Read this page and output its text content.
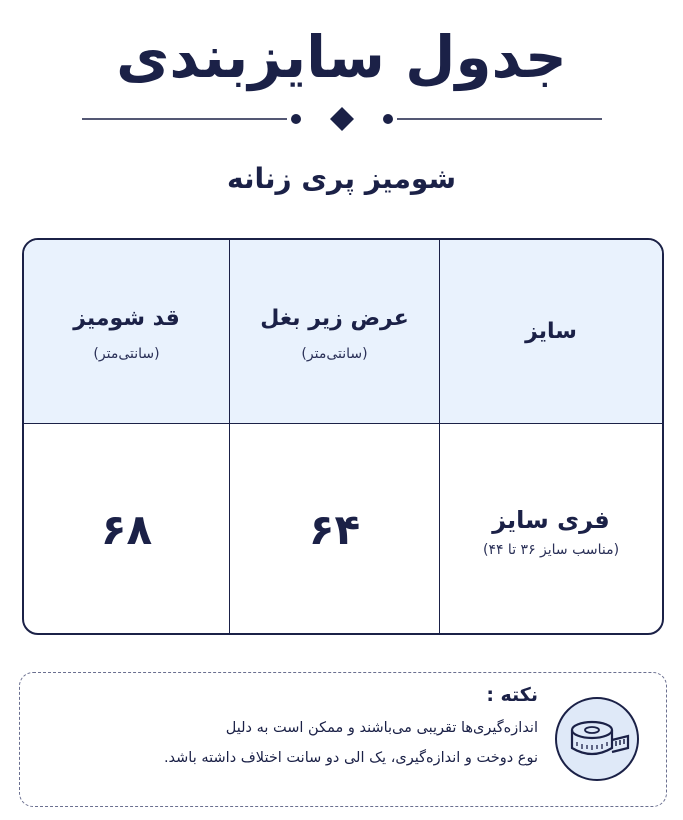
جدول سایزبندی
شومیز پری زنانه
سایز
عرض زیر بغل
(سانتی‌متر)
قد شومیز
(سانتی‌متر)
فری سایز
(مناسب سایز ۳۶ تا ۴۴)
۶۴
۶۸
نکته :
اندازه‌گیری‌ها تقریبی می‌باشند و ممکن است به دلیل
نوع دوخت و اندازه‌گیری، یک الی دو سانت اختلاف داشته باشد.
